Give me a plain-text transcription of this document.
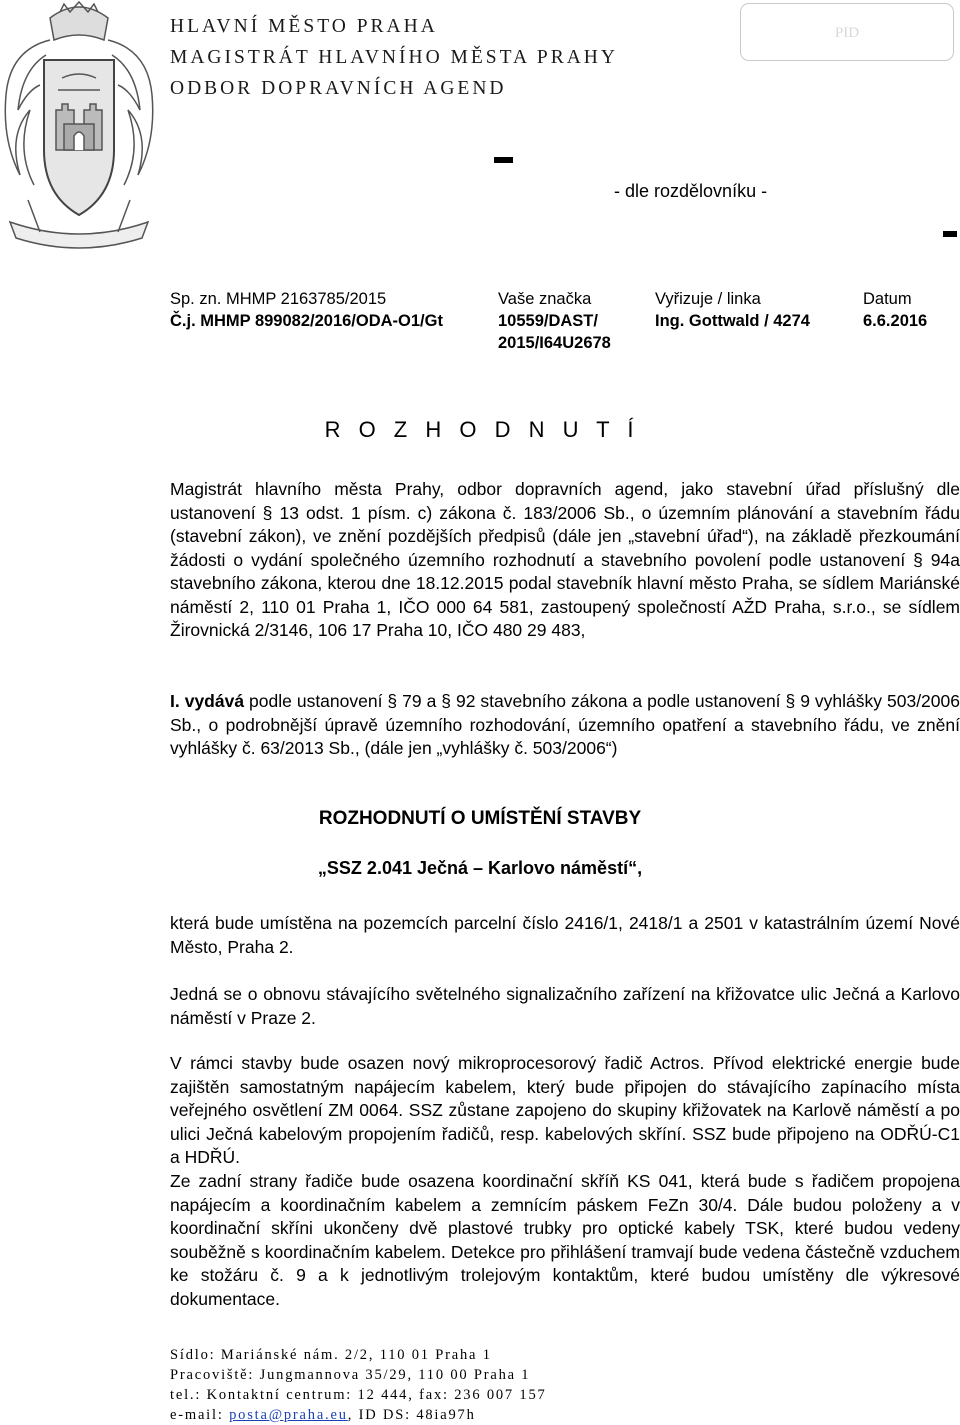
HLAVNÍ MĚSTO PRAHA
MAGISTRÁT HLAVNÍHO MĚSTA PRAHY
ODBOR DOPRAVNÍCH AGEND
PID
- dle rozdělovníku -
Sp. zn. MHMP 2163785/2015
Č.j. MHMP 899082/2016/ODA-O1/Gt
Vaše značka
10559/DAST/
2015/I64U2678
Vyřizuje / linka
Ing. Gottwald / 4274
Datum
6.6.2016
R O Z H O D N U T Í

Magistrát hlavního města Prahy, odbor dopravních agend, jako stavební úřad příslušný dle ustanovení § 13 odst. 1 písm. c) zákona č. 183/2006 Sb., o územním plánování a stavebním řádu (stavební zákon), ve znění pozdějších předpisů (dále jen „stavební úřad“), na základě přezkoumání žádosti o vydání společného územního rozhodnutí a stavebního povolení podle ustanovení § 94a stavebního zákona, kterou dne 18.12.2015 podal stavebník hlavní město Praha, se sídlem Mariánské náměstí 2, 110 01 Praha 1, IČO 000 64 581, zastoupený společností AŽD Praha, s.r.o., se sídlem Žirovnická 2/3146, 106 17 Praha 10, IČO 480 29 483,

I. vydává podle ustanovení § 79 a § 92 stavebního zákona a podle ustanovení § 9 vyhlášky 503/2006 Sb., o podrobnější úpravě územního rozhodování, územního opatření a stavebního řádu, ve znění vyhlášky č. 63/2013 Sb., (dále jen „vyhlášky č. 503/2006“)

ROZHODNUTÍ O UMÍSTĚNÍ STAVBY
„SSZ 2.041 Ječná – Karlovo náměstí“,

která bude umístěna na pozemcích parcelní číslo 2416/1, 2418/1 a 2501 v katastrálním území Nové Město, Praha 2.

Jedná se o obnovu stávajícího světelného signalizačního zařízení na křižovatce ulic Ječná a Karlovo náměstí v Praze 2.

V rámci stavby bude osazen nový mikroprocesorový řadič Actros. Přívod elektrické energie bude zajištěn samostatným napájecím kabelem, který bude připojen do stávajícího zapínacího místa veřejného osvětlení ZM 0064. SSZ zůstane zapojeno do skupiny křižovatek na Karlově náměstí a po ulici Ječná kabelovým propojením řadičů, resp. kabelových skříní. SSZ bude připojeno na ODŘÚ-C1 a HDŘÚ.

Ze zadní strany řadiče bude osazena koordinační skříň KS 041, která bude s řadičem propojena napájecím a koordinačním kabelem a zemnícím páskem FeZn 30/4. Dále budou položeny a v koordinační skříni ukončeny dvě plastové trubky pro optické kabely TSK, které budou vedeny souběžně s koordinačním kabelem. Detekce pro přihlášení tramvají bude vedena částečně vzduchem ke stožáru č. 9 a k jednotlivým trolejovým kontaktům, které budou umístěny dle výkresové dokumentace.

Sídlo: Mariánské nám. 2/2, 110 01 Praha 1
Pracoviště: Jungmannova 35/29, 110 00 Praha 1
tel.: Kontaktní centrum: 12 444, fax: 236 007 157
e-mail: posta@praha.eu, ID DS: 48ia97h
